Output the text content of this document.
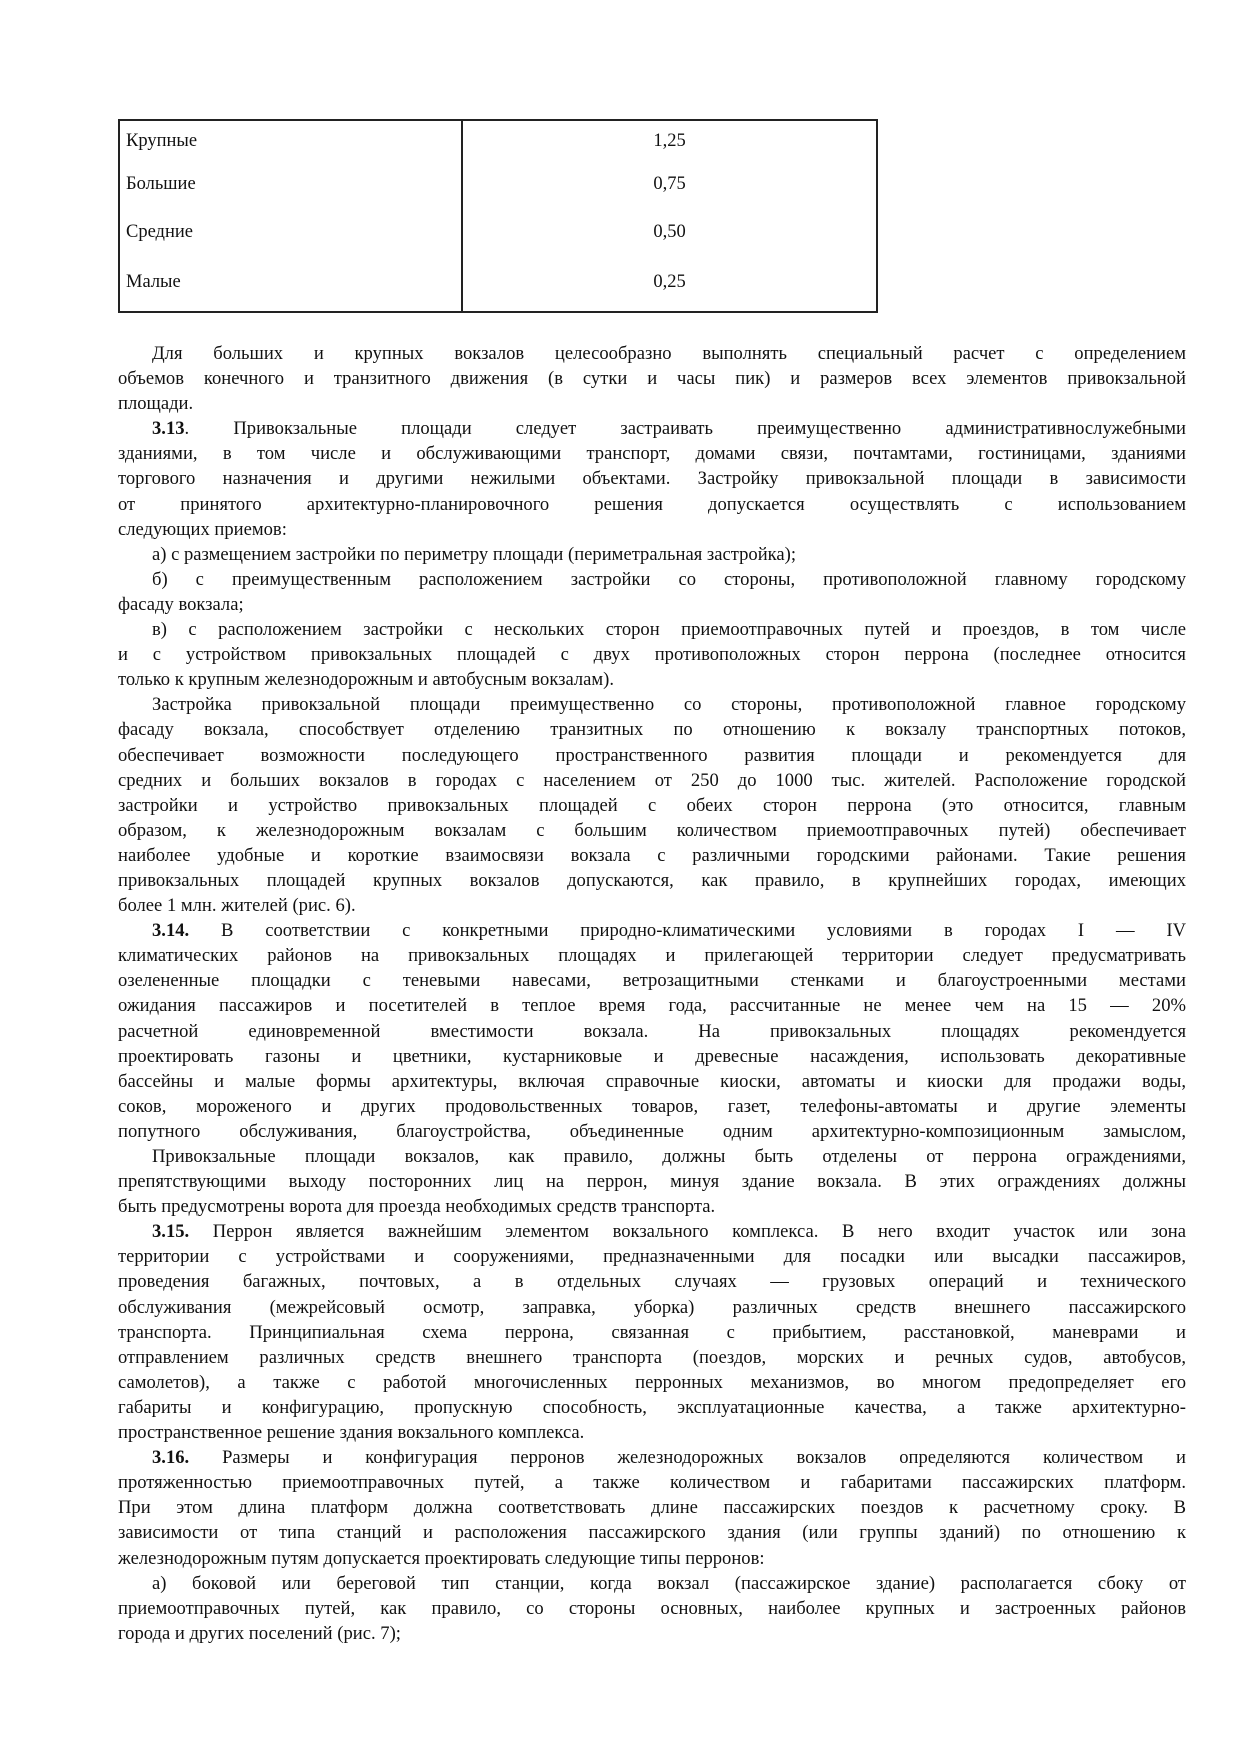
Крупные	1,25
Большие	0,75
Средние	0,50
Малые	0,25
Для больших и крупных вокзалов целесообразно выполнять специальный расчет с определением
объемов конечного и транзитного движения (в сутки и часы пик) и размеров всех элементов привокзальной
площади.
3.13. Привокзальные площади следует застраивать преимущественно административнослужебными
зданиями, в том числе и обслуживающими транспорт, домами связи, почтамтами, гостиницами, зданиями
торгового назначения и другими нежилыми объектами. Застройку привокзальной площади в зависимости
от принятого архитектурно-планировочного решения допускается осуществлять с использованием
следующих приемов:
а) с размещением застройки по периметру площади (периметральная застройка);
б) с преимущественным расположением застройки со стороны, противоположной главному городскому
фасаду вокзала;
в) с расположением застройки с нескольких сторон приемоотправочных путей и проездов, в том числе
и с устройством привокзальных площадей с двух противоположных сторон перрона (последнее относится
только к крупным железнодорожным и автобусным вокзалам).
Застройка привокзальной площади преимущественно со стороны, противоположной главное городскому
фасаду вокзала, способствует отделению транзитных по отношению к вокзалу транспортных потоков,
обеспечивает возможности последующего пространственного развития площади и рекомендуется для
средних и больших вокзалов в городах с населением от 250 до 1000 тыс. жителей. Расположение городской
застройки и устройство привокзальных площадей с обеих сторон перрона (это относится, главным
образом, к железнодорожным вокзалам с большим количеством приемоотправочных путей) обеспечивает
наиболее удобные и короткие взаимосвязи вокзала с различными городскими районами. Такие решения
привокзальных площадей крупных вокзалов допускаются, как правило, в крупнейших городах, имеющих
более 1 млн. жителей (рис. 6).
3.14. В соответствии с конкретными природно-климатическими условиями в городах I — IV
климатических районов на привокзальных площадях и прилегающей территории следует предусматривать
озелененные площадки с теневыми навесами, ветрозащитными стенками и благоустроенными местами
ожидания пассажиров и посетителей в теплое время года, рассчитанные не менее чем на 15 — 20%
расчетной единовременной вместимости вокзала. На привокзальных площадях рекомендуется
проектировать газоны и цветники, кустарниковые и древесные насаждения, использовать декоративные
бассейны и малые формы архитектуры, включая справочные киоски, автоматы и киоски для продажи воды,
соков, мороженого и других продовольственных товаров, газет, телефоны-автоматы и другие элементы
попутного обслуживания, благоустройства, объединенные одним архитектурно-композиционным замыслом,
Привокзальные площади вокзалов, как правило, должны быть отделены от перрона ограждениями,
препятствующими выходу посторонних лиц на перрон, минуя здание вокзала. В этих ограждениях должны
быть предусмотрены ворота для проезда необходимых средств транспорта.
3.15. Перрон является важнейшим элементом вокзального комплекса. В него входит участок или зона
территории с устройствами и сооружениями, предназначенными для посадки или высадки пассажиров,
проведения багажных, почтовых, а в отдельных случаях — грузовых операций и технического
обслуживания (межрейсовый осмотр, заправка, уборка) различных средств внешнего пассажирского
транспорта. Принципиальная схема перрона, связанная с прибытием, расстановкой, маневрами и
отправлением различных средств внешнего транспорта (поездов, морских и речных судов, автобусов,
самолетов), а также с работой многочисленных перронных механизмов, во многом предопределяет его
габариты и конфигурацию, пропускную способность, эксплуатационные качества, а также архитектурно-
пространственное решение здания вокзального комплекса.
3.16. Размеры и конфигурация перронов железнодорожных вокзалов определяются количеством и
протяженностью приемоотправочных путей, а также количеством и габаритами пассажирских платформ.
При этом длина платформ должна соответствовать длине пассажирских поездов к расчетному сроку. В
зависимости от типа станций и расположения пассажирского здания (или группы зданий) по отношению к
железнодорожным путям допускается проектировать следующие типы перронов:
а) боковой или береговой тип станции, когда вокзал (пассажирское здание) располагается сбоку от
приемоотправочных путей, как правило, со стороны основных, наиболее крупных и застроенных районов
города и других поселений (рис. 7);
